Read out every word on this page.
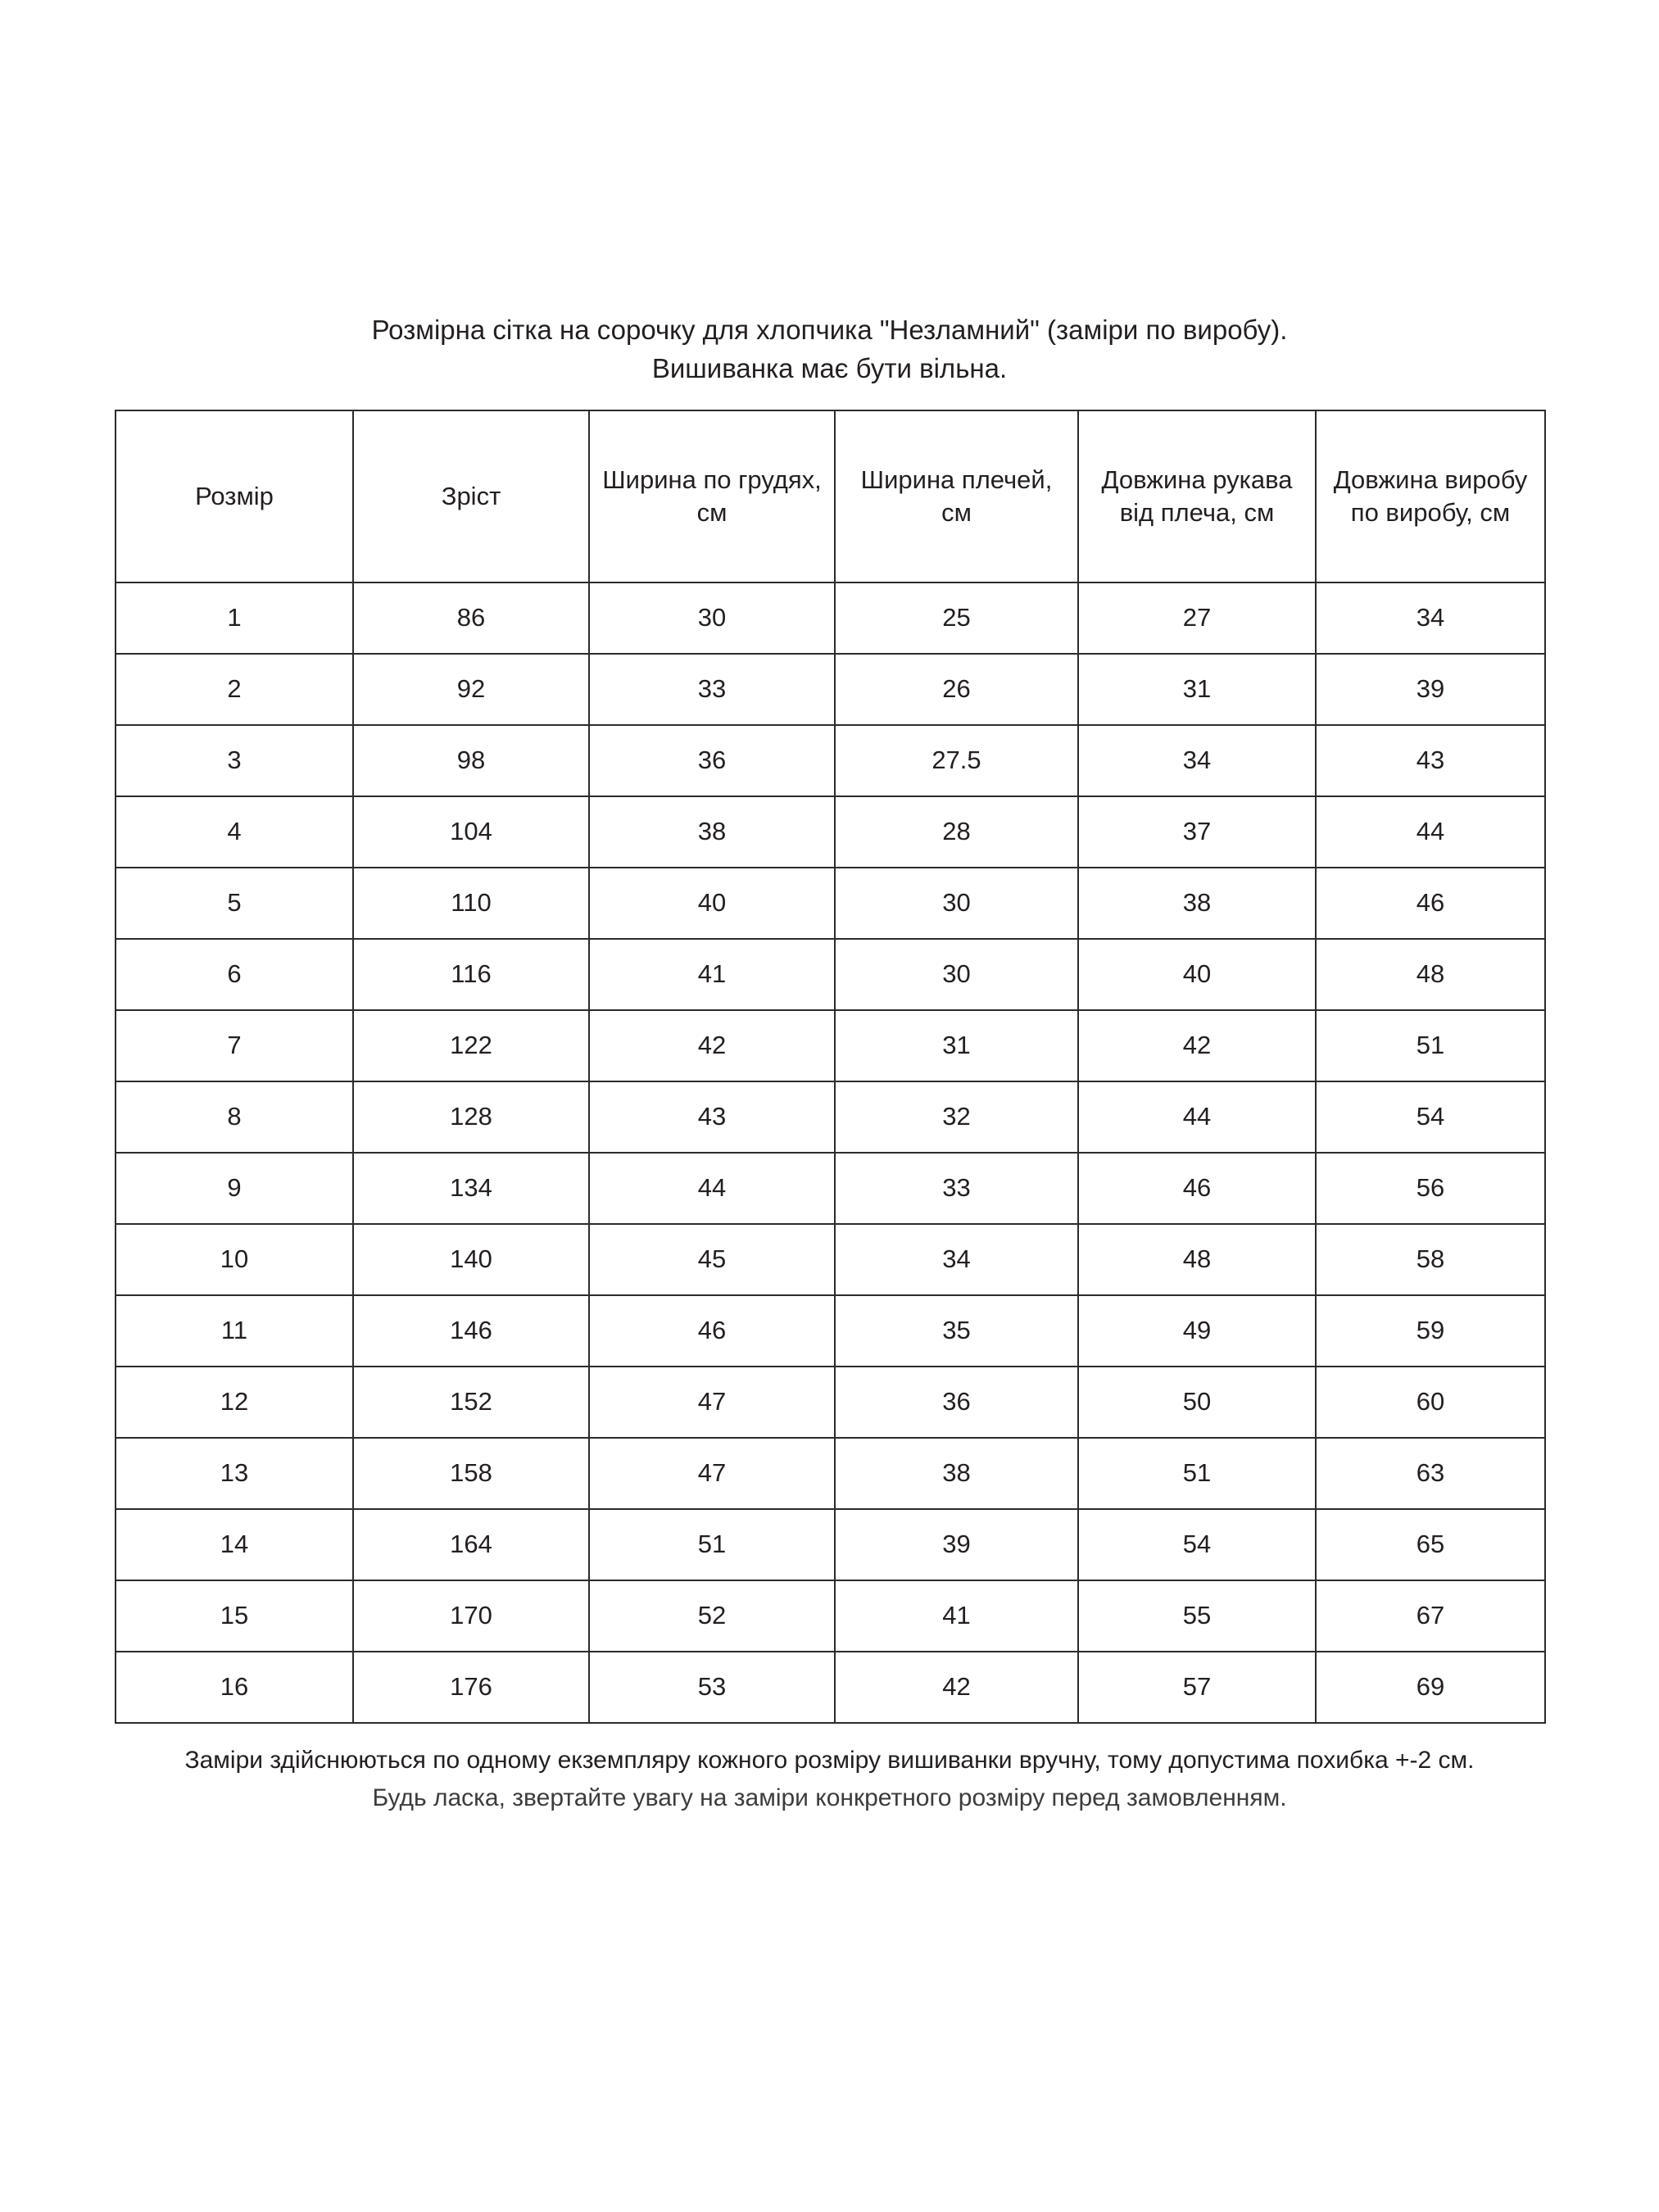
Розмірна сітка на сорочку для хлопчика "Незламний" (заміри по виробу).
Вишиванка має бути вільна.
Розмір	Зріст	Ширина по грудях, см	Ширина плечей, см	Довжина рукава від плеча, см	Довжина виробу по виробу, см
1	86	30	25	27	34
2	92	33	26	31	39
3	98	36	27.5	34	43
4	104	38	28	37	44
5	110	40	30	38	46
6	116	41	30	40	48
7	122	42	31	42	51
8	128	43	32	44	54
9	134	44	33	46	56
10	140	45	34	48	58
11	146	46	35	49	59
12	152	47	36	50	60
13	158	47	38	51	63
14	164	51	39	54	65
15	170	52	41	55	67
16	176	53	42	57	69
Заміри здійснюються по одному екземпляру кожного розміру вишиванки вручну, тому допустима похибка +-2 см.
Будь ласка, звертайте увагу на заміри конкретного розміру перед замовленням.
